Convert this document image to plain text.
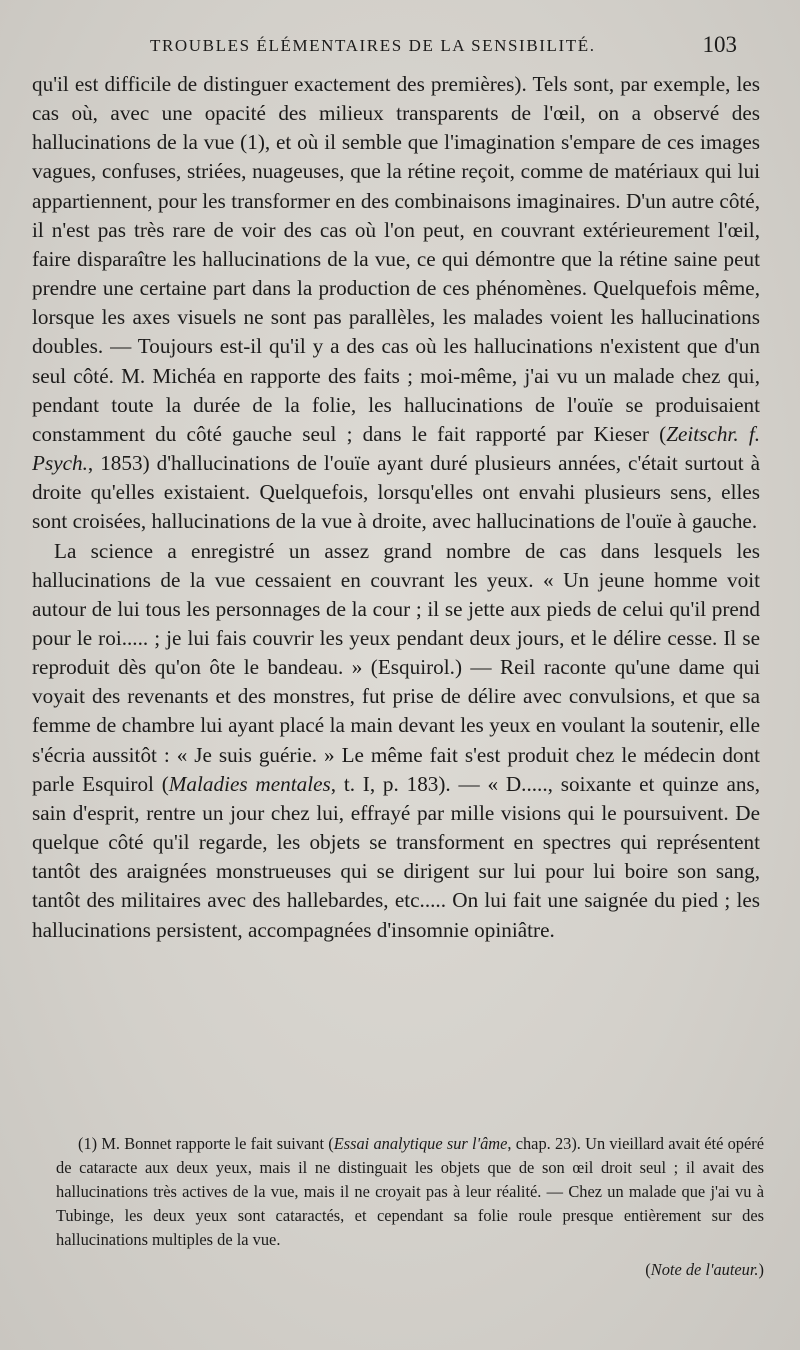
TROUBLES ÉLÉMENTAIRES DE LA SENSIBILITÉ.	103

qu'il est difficile de distinguer exactement des premières). Tels sont, par exemple, les cas où, avec une opacité des milieux transparents de l'œil, on a observé des hallucinations de la vue (1), et où il semble que l'imagination s'empare de ces images vagues, confuses, striées, nuageuses, que la rétine reçoit, comme de matériaux qui lui appartiennent, pour les transformer en des combinaisons imaginaires. D'un autre côté, il n'est pas très rare de voir des cas où l'on peut, en couvrant extérieurement l'œil, faire disparaître les hallucinations de la vue, ce qui démontre que la rétine saine peut prendre une certaine part dans la production de ces phénomènes. Quelquefois même, lorsque les axes visuels ne sont pas parallèles, les malades voient les hallucinations doubles. — Toujours est-il qu'il y a des cas où les hallucinations n'existent que d'un seul côté. M. Michéa en rapporte des faits ; moi-même, j'ai vu un malade chez qui, pendant toute la durée de la folie, les hallucinations de l'ouïe se produisaient constamment du côté gauche seul ; dans le fait rapporté par Kieser (Zeitschr. f. Psych., 1853) d'hallucinations de l'ouïe ayant duré plusieurs années, c'était surtout à droite qu'elles existaient. Quelquefois, lorsqu'elles ont envahi plusieurs sens, elles sont croisées, hallucinations de la vue à droite, avec hallucinations de l'ouïe à gauche.

La science a enregistré un assez grand nombre de cas dans lesquels les hallucinations de la vue cessaient en couvrant les yeux. « Un jeune homme voit autour de lui tous les personnages de la cour ; il se jette aux pieds de celui qu'il prend pour le roi..... ; je lui fais couvrir les yeux pendant deux jours, et le délire cesse. Il se reproduit dès qu'on ôte le bandeau. » (Esquirol.) — Reil raconte qu'une dame qui voyait des revenants et des monstres, fut prise de délire avec convulsions, et que sa femme de chambre lui ayant placé la main devant les yeux en voulant la soutenir, elle s'écria aussitôt : « Je suis guérie. » Le même fait s'est produit chez le médecin dont parle Esquirol (Maladies mentales, t. I, p. 183). — « D....., soixante et quinze ans, sain d'esprit, rentre un jour chez lui, effrayé par mille visions qui le poursuivent. De quelque côté qu'il regarde, les objets se transforment en spectres qui représentent tantôt des araignées monstrueuses qui se dirigent sur lui pour lui boire son sang, tantôt des militaires avec des hallebardes, etc..... On lui fait une saignée du pied ; les hallucinations persistent, accompagnées d'insomnie opiniâtre.

(1) M. Bonnet rapporte le fait suivant (Essai analytique sur l'âme, chap. 23). Un vieillard avait été opéré de cataracte aux deux yeux, mais il ne distinguait les objets que de son œil droit seul ; il avait des hallucinations très actives de la vue, mais il ne croyait pas à leur réalité. — Chez un malade que j'ai vu à Tubinge, les deux yeux sont cataractés, et cependant sa folie roule presque entièrement sur des hallucinations multiples de la vue.

(Note de l'auteur.)
